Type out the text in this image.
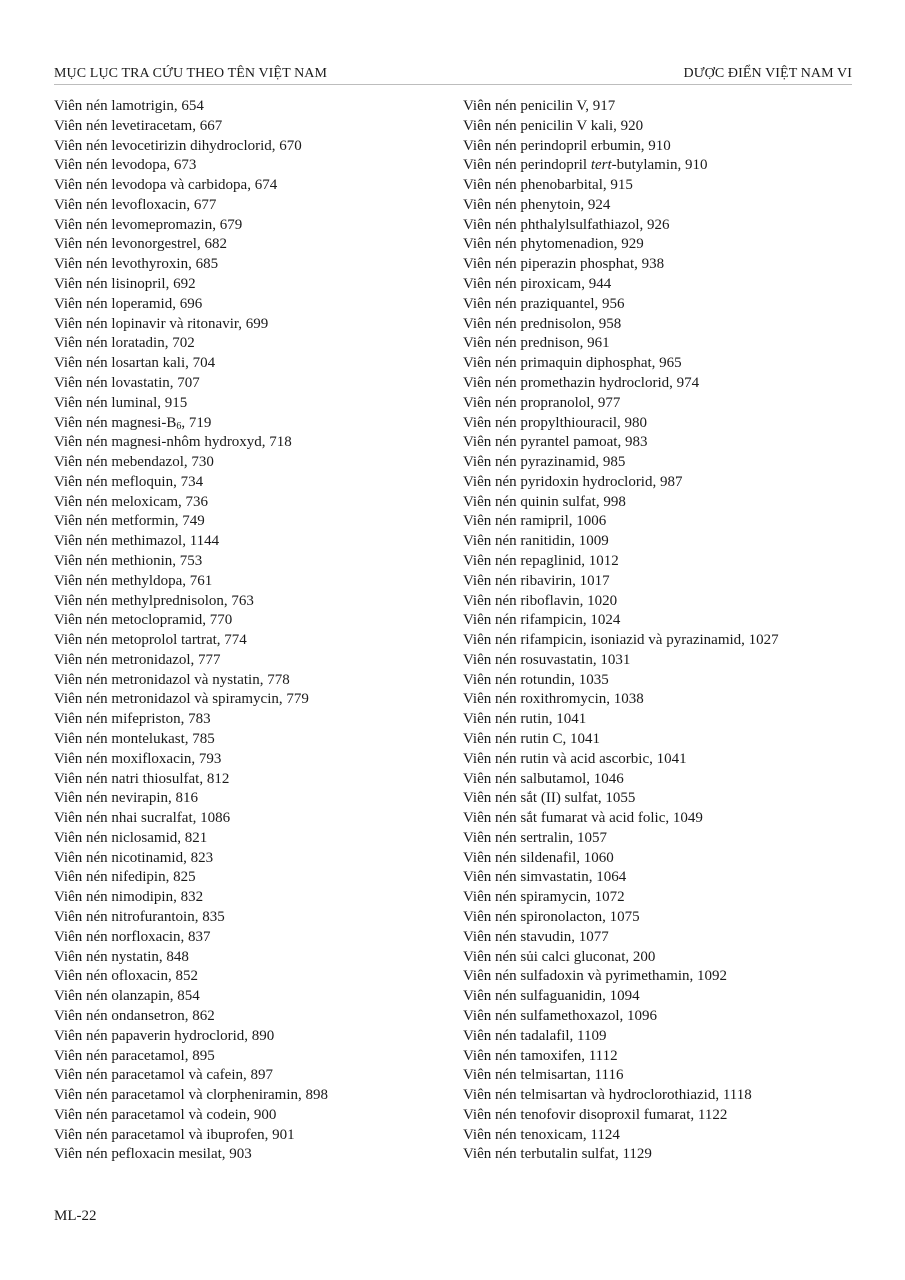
MỤC LỤC TRA CỨU THEO TÊN VIỆT NAM	DƯỢC ĐIỂN VIỆT NAM VI
Viên nén lamotrigin, 654
Viên nén levetiracetam, 667
Viên nén levocetirizin dihydroclorid, 670
Viên nén levodopa, 673
Viên nén levodopa và carbidopa, 674
Viên nén levofloxacin, 677
Viên nén levomepromazin, 679
Viên nén levonorgestrel, 682
Viên nén levothyroxin, 685
Viên nén lisinopril, 692
Viên nén loperamid, 696
Viên nén lopinavir và ritonavir, 699
Viên nén loratadin, 702
Viên nén losartan kali, 704
Viên nén lovastatin, 707
Viên nén luminal, 915
Viên nén magnesi-$B_6$, 719
Viên nén magnesi-nhôm hydroxyd, 718
Viên nén mebendazol, 730
Viên nén mefloquin, 734
Viên nén meloxicam, 736
Viên nén metformin, 749
Viên nén methimazol, 1144
Viên nén methionin, 753
Viên nén methyldopa, 761
Viên nén methylprednisolon, 763
Viên nén metoclopramid, 770
Viên nén metoprolol tartrat, 774
Viên nén metronidazol, 777
Viên nén metronidazol và nystatin, 778
Viên nén metronidazol và spiramycin, 779
Viên nén mifepriston, 783
Viên nén montelukast, 785
Viên nén moxifloxacin, 793
Viên nén natri thiosulfat, 812
Viên nén nevirapin, 816
Viên nén nhai sucralfat, 1086
Viên nén niclosamid, 821
Viên nén nicotinamid, 823
Viên nén nifedipin, 825
Viên nén nimodipin, 832
Viên nén nitrofurantoin, 835
Viên nén norfloxacin, 837
Viên nén nystatin, 848
Viên nén ofloxacin, 852
Viên nén olanzapin, 854
Viên nén ondansetron, 862
Viên nén papaverin hydroclorid, 890
Viên nén paracetamol, 895
Viên nén paracetamol và cafein, 897
Viên nén paracetamol và clorpheniramin, 898
Viên nén paracetamol và codein, 900
Viên nén paracetamol và ibuprofen, 901
Viên nén pefloxacin mesilat, 903
Viên nén penicilin V, 917
Viên nén penicilin V kali, 920
Viên nén perindopril erbumin, 910
Viên nén perindopril tert-butylamin, 910
Viên nén phenobarbital, 915
Viên nén phenytoin, 924
Viên nén phthalylsulfathiazol, 926
Viên nén phytomenadion, 929
Viên nén piperazin phosphat, 938
Viên nén piroxicam, 944
Viên nén praziquantel, 956
Viên nén prednisolon, 958
Viên nén prednison, 961
Viên nén primaquin diphosphat, 965
Viên nén promethazin hydroclorid, 974
Viên nén propranolol, 977
Viên nén propylthiouracil, 980
Viên nén pyrantel pamoat, 983
Viên nén pyrazinamid, 985
Viên nén pyridoxin hydroclorid, 987
Viên nén quinin sulfat, 998
Viên nén ramipril, 1006
Viên nén ranitidin, 1009
Viên nén repaglinid, 1012
Viên nén ribavirin, 1017
Viên nén riboflavin, 1020
Viên nén rifampicin, 1024
Viên nén rifampicin, isoniazid và pyrazinamid, 1027
Viên nén rosuvastatin, 1031
Viên nén rotundin, 1035
Viên nén roxithromycin, 1038
Viên nén rutin, 1041
Viên nén rutin C, 1041
Viên nén rutin và acid ascorbic, 1041
Viên nén salbutamol, 1046
Viên nén sắt (II) sulfat, 1055
Viên nén sắt fumarat và acid folic, 1049
Viên nén sertralin, 1057
Viên nén sildenafil, 1060
Viên nén simvastatin, 1064
Viên nén spiramycin, 1072
Viên nén spironolacton, 1075
Viên nén stavudin, 1077
Viên nén sủi calci gluconat, 200
Viên nén sulfadoxin và pyrimethamin, 1092
Viên nén sulfaguanidin, 1094
Viên nén sulfamethoxazol, 1096
Viên nén tadalafil, 1109
Viên nén tamoxifen, 1112
Viên nén telmisartan, 1116
Viên nén telmisartan và hydroclorothiazid, 1118
Viên nén tenofovir disoproxil fumarat, 1122
Viên nén tenoxicam, 1124
Viên nén terbutalin sulfat, 1129
ML-22
